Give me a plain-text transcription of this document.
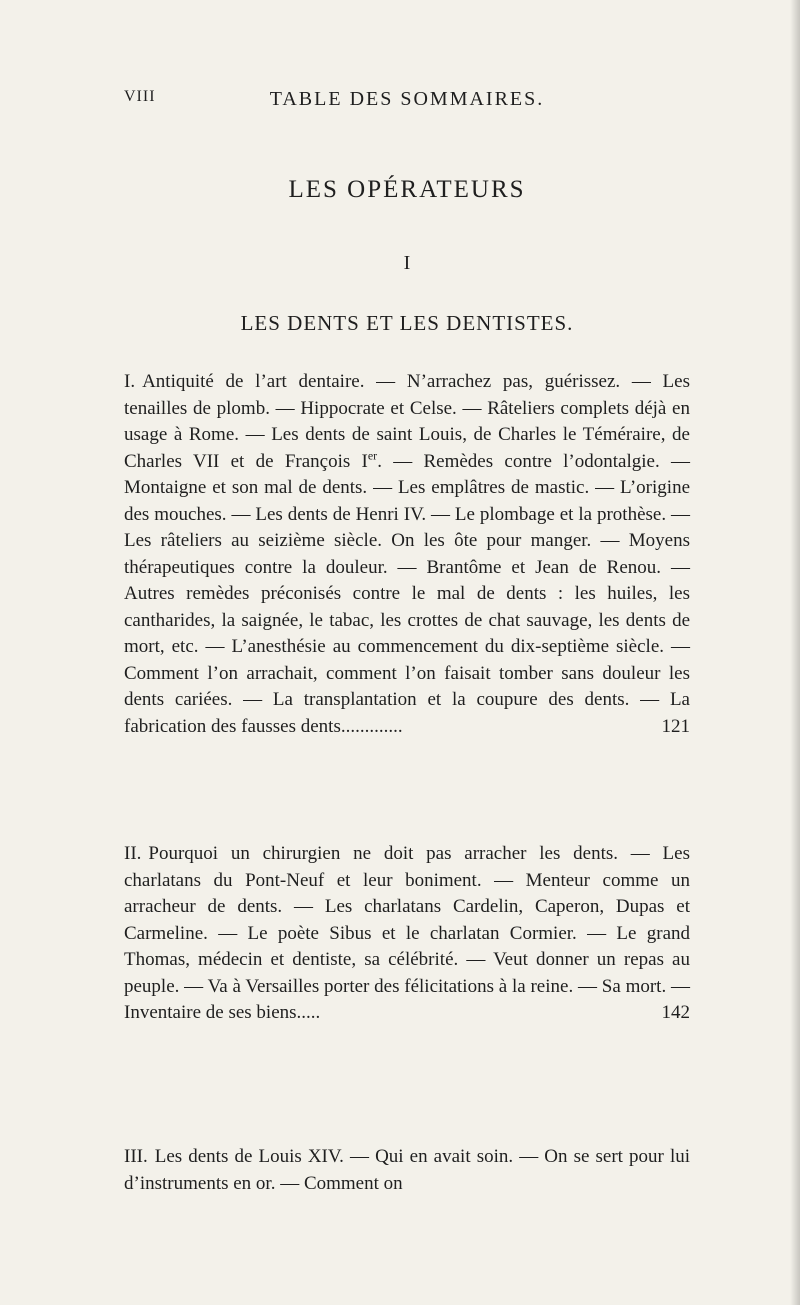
VIII	TABLE DES SOMMAIRES.
LES OPÉRATEURS
I
LES DENTS ET LES DENTISTES.

I. Antiquité de l’art dentaire. — N’arrachez pas, guérissez. — Les tenailles de plomb. — Hippocrate et Celse. — Râteliers complets déjà en usage à Rome. — Les dents de saint Louis, de Charles le Téméraire, de Charles VII et de François Ier. — Remèdes contre l’odontalgie. — Montaigne et son mal de dents. — Les emplâtres de mastic. — L’origine des mouches. — Les dents de Henri IV. — Le plombage et la prothèse. — Les râteliers au seizième siècle. On les ôte pour manger. — Moyens thérapeutiques contre la douleur. — Brantôme et Jean de Renou. — Autres remèdes préconisés contre le mal de dents : les huiles, les cantharides, la saignée, le tabac, les crottes de chat sauvage, les dents de mort, etc. — L’anesthésie au commencement du dix-septième siècle. — Comment l’on arrachait, comment l’on faisait tomber sans douleur les dents cariées. — La transplantation et la coupure des dents. — La fabrication des fausses dents.............	121

II. Pourquoi un chirurgien ne doit pas arracher les dents. — Les charlatans du Pont-Neuf et leur boniment. — Menteur comme un arracheur de dents. — Les charlatans Cardelin, Caperon, Dupas et Carmeline. — Le poète Sibus et le charlatan Cormier. — Le grand Thomas, médecin et dentiste, sa célébrité. — Veut donner un repas au peuple. — Va à Versailles porter des félicitations à la reine. — Sa mort. — Inventaire de ses biens.....	142

III. Les dents de Louis XIV. — Qui en avait soin. — On se sert pour lui d’instruments en or. — Comment on
